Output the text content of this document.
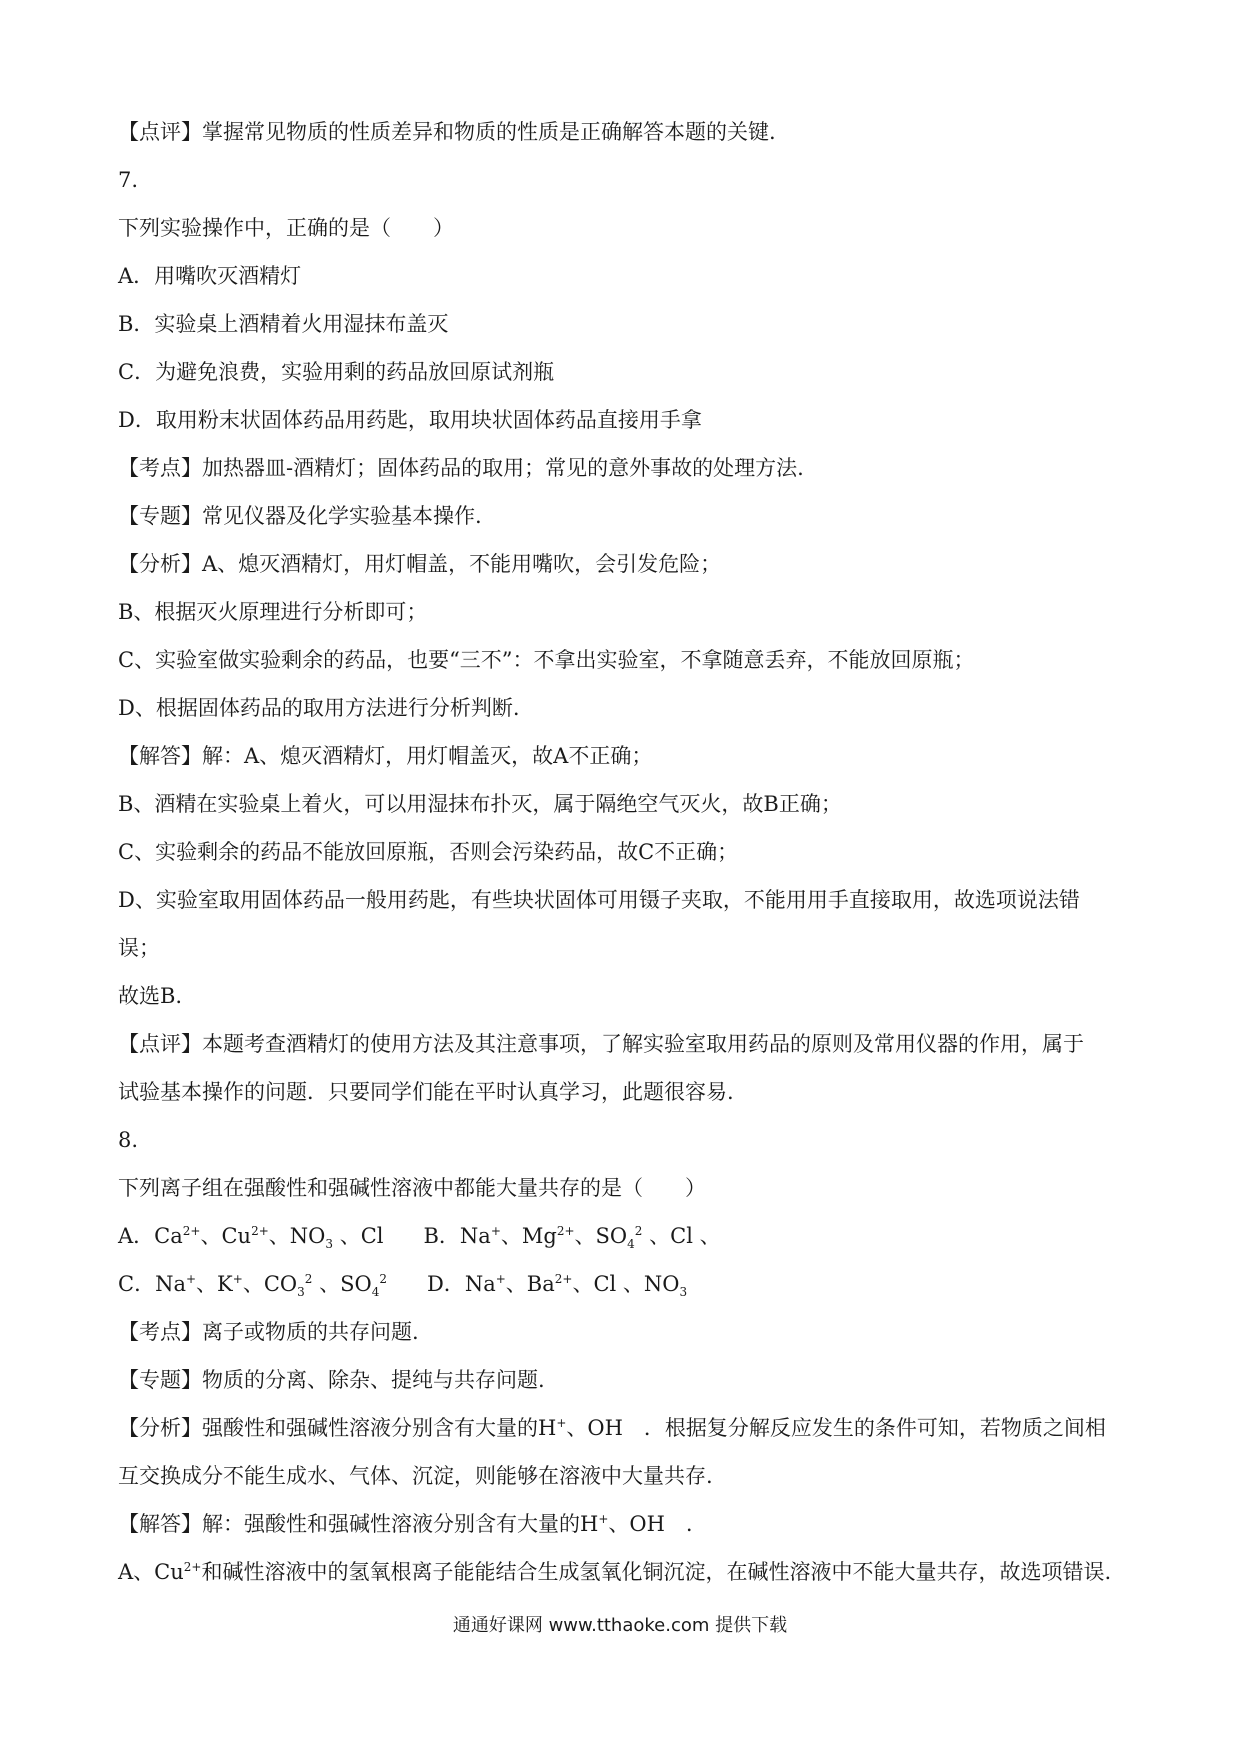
【点评】掌握常见物质的性质差异和物质的性质是正确解答本题的关键.
7.
下列实验操作中，正确的是（　　）
A．用嘴吹灭酒精灯
B．实验桌上酒精着火用湿抹布盖灭
C．为避免浪费，实验用剩的药品放回原试剂瓶
D．取用粉末状固体药品用药匙，取用块状固体药品直接用手拿
【考点】加热器皿-酒精灯；固体药品的取用；常见的意外事故的处理方法.
【专题】常见仪器及化学实验基本操作.
【分析】A、熄灭酒精灯，用灯帽盖，不能用嘴吹，会引发危险；
B、根据灭火原理进行分析即可；
C、实验室做实验剩余的药品，也要“三不”：不拿出实验室，不拿随意丢弃，不能放回原瓶；
D、根据固体药品的取用方法进行分析判断.
【解答】解：A、熄灭酒精灯，用灯帽盖灭，故A不正确；
B、酒精在实验桌上着火，可以用湿抹布扑灭，属于隔绝空气灭火，故B正确；
C、实验剩余的药品不能放回原瓶，否则会污染药品，故C不正确；
D、实验室取用固体药品一般用药匙，有些块状固体可用镊子夹取，不能用用手直接取用，故选项说法错
误；
故选B.
【点评】本题考查酒精灯的使用方法及其注意事项，了解实验室取用药品的原则及常用仪器的作用，属于
试验基本操作的问题．只要同学们能在平时认真学习，此题很容易.
8.
下列离子组在强酸性和强碱性溶液中都能大量共存的是（　　）
A．$Ca^{2+}$、$Cu^{2+}$、$NO_3$ 、Cl B．Na+、$Mg^{2+}$、$SO_4^2$ 、Cl 、
C．Na+、K+、$CO_3^2$ 、$SO_4^2$ D．Na+、$Ba^{2+}$、Cl 、$NO_3$
【考点】离子或物质的共存问题.
【专题】物质的分离、除杂、提纯与共存问题.
【分析】强酸性和强碱性溶液分别含有大量的H+、OH　．根据复分解反应发生的条件可知，若物质之间相
互交换成分不能生成水、气体、沉淀，则能够在溶液中大量共存.
【解答】解：强酸性和强碱性溶液分别含有大量的H+、OH　.
A、$Cu^{2+}$和碱性溶液中的氢氧根离子能能结合生成氢氧化铜沉淀，在碱性溶液中不能大量共存，故选项错误.
通通好课网 www.tthaoke.com 提供下载
